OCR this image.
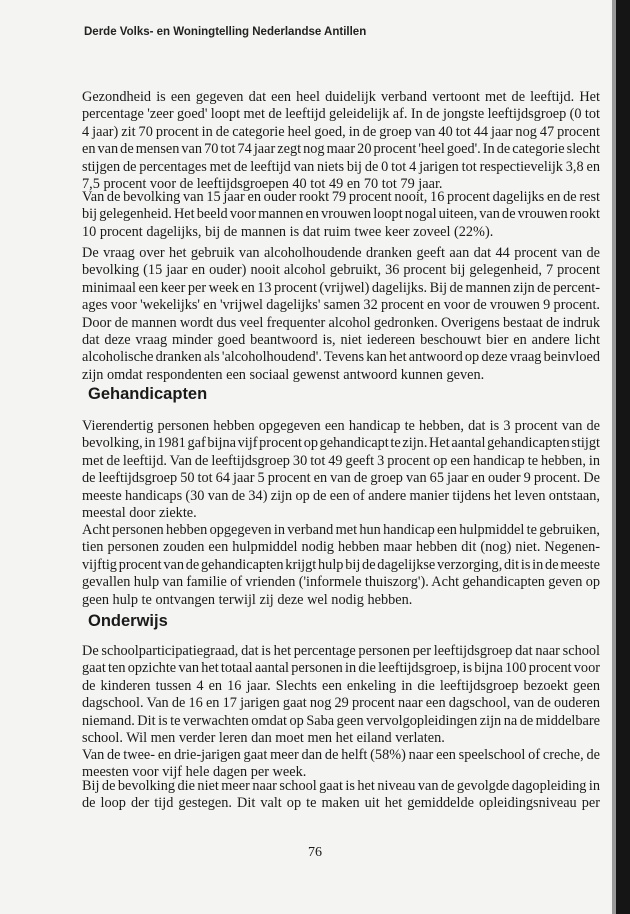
Derde Volks- en Woningtelling Nederlandse Antillen
Gezondheid is een gegeven dat een heel duidelijk verband vertoont met de leeftijd. Het
percentage 'zeer goed' loopt met de leeftijd geleidelijk af. In de jongste leeftijdsgroep (0 tot
4 jaar) zit 70 procent in de categorie heel goed, in de groep van 40 tot 44 jaar nog 47 procent
en van de mensen van 70 tot 74 jaar zegt nog maar 20 procent 'heel goed'. In de categorie slecht
stijgen de percentages met de leeftijd van niets bij de 0 tot 4 jarigen tot respectievelijk 3,8 en
7,5 procent voor de leeftijdsgroepen 40 tot 49 en 70 tot 79 jaar.
Van de bevolking van 15 jaar en ouder rookt 79 procent nooit, 16 procent dagelijks en de rest
bij gelegenheid. Het beeld voor mannen en vrouwen loopt nogal uiteen, van de vrouwen rookt
10 procent dagelijks, bij de mannen is dat ruim twee keer zoveel (22%).
De vraag over het gebruik van alcoholhoudende dranken geeft aan dat 44 procent van de
bevolking (15 jaar en ouder) nooit alcohol gebruikt, 36 procent bij gelegenheid, 7 procent
minimaal een keer per week en 13 procent (vrijwel) dagelijks. Bij de mannen zijn de percent-
ages voor 'wekelijks' en 'vrijwel dagelijks' samen 32 procent en voor de vrouwen 9 procent.
Door de mannen wordt dus veel frequenter alcohol gedronken. Overigens bestaat de indruk
dat deze vraag minder goed beantwoord is, niet iedereen beschouwt bier en andere licht
alcoholische dranken als 'alcoholhoudend'. Tevens kan het antwoord op deze vraag beinvloed
zijn omdat respondenten een sociaal gewenst antwoord kunnen geven.
Gehandicapten
Vierendertig personen hebben opgegeven een handicap te hebben, dat is 3 procent van de
bevolking, in 1981 gaf bijna vijf procent op gehandicapt te zijn. Het aantal gehandicapten stijgt
met de leeftijd. Van de leeftijdsgroep 30 tot 49 geeft 3 procent op een handicap te hebben, in
de leeftijdsgroep 50 tot 64 jaar 5 procent en van de groep van 65 jaar en ouder 9 procent. De
meeste handicaps (30 van de 34) zijn op de een of andere manier tijdens het leven ontstaan,
meestal door ziekte.
Acht personen hebben opgegeven in verband met hun handicap een hulpmiddel te gebruiken,
tien personen zouden een hulpmiddel nodig hebben maar hebben dit (nog) niet. Negenen-
vijftig procent van de gehandicapten krijgt hulp bij de dagelijkse verzorging, dit is in de meeste
gevallen hulp van familie of vrienden ('informele thuiszorg'). Acht gehandicapten geven op
geen hulp te ontvangen terwijl zij deze wel nodig hebben.
Onderwijs
De schoolparticipatiegraad, dat is het percentage personen per leeftijdsgroep dat naar school
gaat ten opzichte van het totaal aantal personen in die leeftijdsgroep, is bijna 100 procent voor
de kinderen tussen 4 en 16 jaar. Slechts een enkeling in die leeftijdsgroep bezoekt geen
dagschool. Van de 16 en 17 jarigen gaat nog 29 procent naar een dagschool, van de ouderen
niemand. Dit is te verwachten omdat op Saba geen vervolgopleidingen zijn na de middelbare
school. Wil men verder leren dan moet men het eiland verlaten.
Van de twee- en drie-jarigen gaat meer dan de helft (58%) naar een speelschool of creche, de
meesten voor vijf hele dagen per week.
Bij de bevolking die niet meer naar school gaat is het niveau van de gevolgde dagopleiding in
de loop der tijd gestegen. Dit valt op te maken uit het gemiddelde opleidingsniveau per
76
